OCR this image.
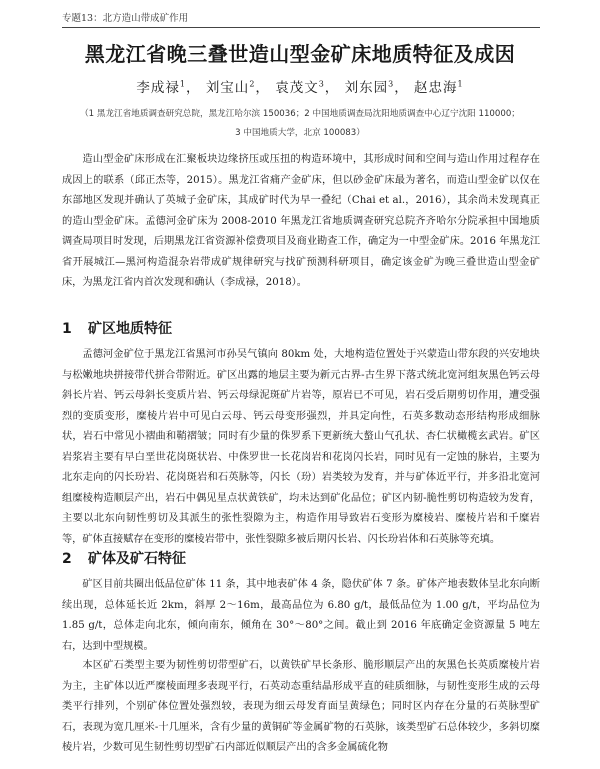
专题13：北方造山带成矿作用
黑龙江省晚三叠世造山型金矿床地质特征及成因
李成禄$^1$， 刘宝山$^2$， 袁茂文$^3$， 刘东园$^3$， 赵忠海$^1$
（1 黑龙江省地质调查研究总院，黑龙江哈尔滨 150036；2 中国地质调查局沈阳地质调查中心辽宁沈阳 110000；
3 中国地质大学，北京 100083）

造山型金矿床形成在汇聚板块边缘挤压或压扭的构造环境中，其形成时间和空间与造山作用过程存在成因上的联系（邱正杰等，2015）。黑龙江省痛产金矿床，但以砂金矿床最为著名，而造山型金矿以仅在东部地区发现并确认了英城子金矿床，其成矿时代为早一叠纪（Chai et al.，2016），其余尚未发现真正的造山型金矿床。孟德河金矿床为 2008-2010 年黑龙江省地质调查研究总院齐齐哈尔分院承担中国地质调查局项目时发现，后期黑龙江省资源补偿费项目及商业勘查工作，确定为一中型金矿床。2016 年黑龙江省开展城江—黑河构造混杂岩带成矿规律研究与找矿预测科研项目，确定该金矿为晚三叠世造山型金矿床，为黑龙江省内首次发现和确认（李成禄，2018）。

1 矿区地质特征

孟德河金矿位于黑龙江省黑河市孙吴气镇向 80km 处，大地构造位置处于兴蒙造山带东段的兴安地块与松嫩地块拼接带代拼合带附近。矿区出露的地层主要为新元古界-古生界下落式统北宽河组灰黑色钙云母斜长片岩、钙云母斜长变质片岩、钙云母绿泥斑矿片岩等，原岩已不可见，岩石受后期剪切作用，遭受强烈的变质变形，糜棱片岩中可见白云母、钙云母变形强烈，并具定向性，石英多数动态形结构形成细脉状，岩石中常见小褶曲和鞘褶皱；同时有少量的侏罗系下更新统大螯山气孔状、杏仁状橄榄玄武岩。矿区岩浆岩主要有早白垩世花岗斑状岩、中侏罗世一长花岗岩和花岗闪长岩，同时见有一定蚀的脉岩，主要为北东走向的闪长玢岩、花岗斑岩和石英脉等，闪长（玢）岩类较为发育，并与矿体近平行，并多沿北宽河组糜棱构造顺层产出，岩石中偶见星点状黄铁矿，均未达到矿化品位；矿区内韧-脆性剪切构造较为发育，主要以北东向韧性剪切及其派生的张性裂隙为主，构造作用导致岩石变形为糜棱岩、糜棱片岩和千糜岩等，矿体直接赋存在变形的糜棱岩带中，张性裂隙多被后期闪长岩、闪长玢岩体和石英脉等充填。

2 矿体及矿石特征

矿区目前共圈出低品位矿体 11 条，其中地表矿体 4 条，隐伏矿体 7 条。矿体产地表数体呈北东向断续出现，总体延长近 2km，斜厚 2～16m，最高品位为 6.80 g/t，最低品位为 1.00 g/t，平均品位为 1.85 g/t，总体走向北东，倾向南东，倾角在 30°～80°之间。截止到 2016 年底确定金资源量 5 吨左右，达到中型规模。

本区矿石类型主要为韧性剪切带型矿石，以黄铁矿早长条形、脆形顺层产出的灰黑色长英质糜棱片岩为主，主矿体以近严糜棱面理多表现平行，石英动态重结晶形成平直的硅质细脉，与韧性变形生成的云母类平行排列，个别矿体位置处强烈较，表现为细云母发育面呈黄绿色；同时区内存在分量的石英脉型矿石，表现为宽几厘米-十几厘米，含有少量的黄铜矿等金属矿物的石英脉，该类型矿石总体较少，多斜切糜棱片岩，少数可见生韧性剪切型矿石内部近似顺层产出的含多金属硫化物
